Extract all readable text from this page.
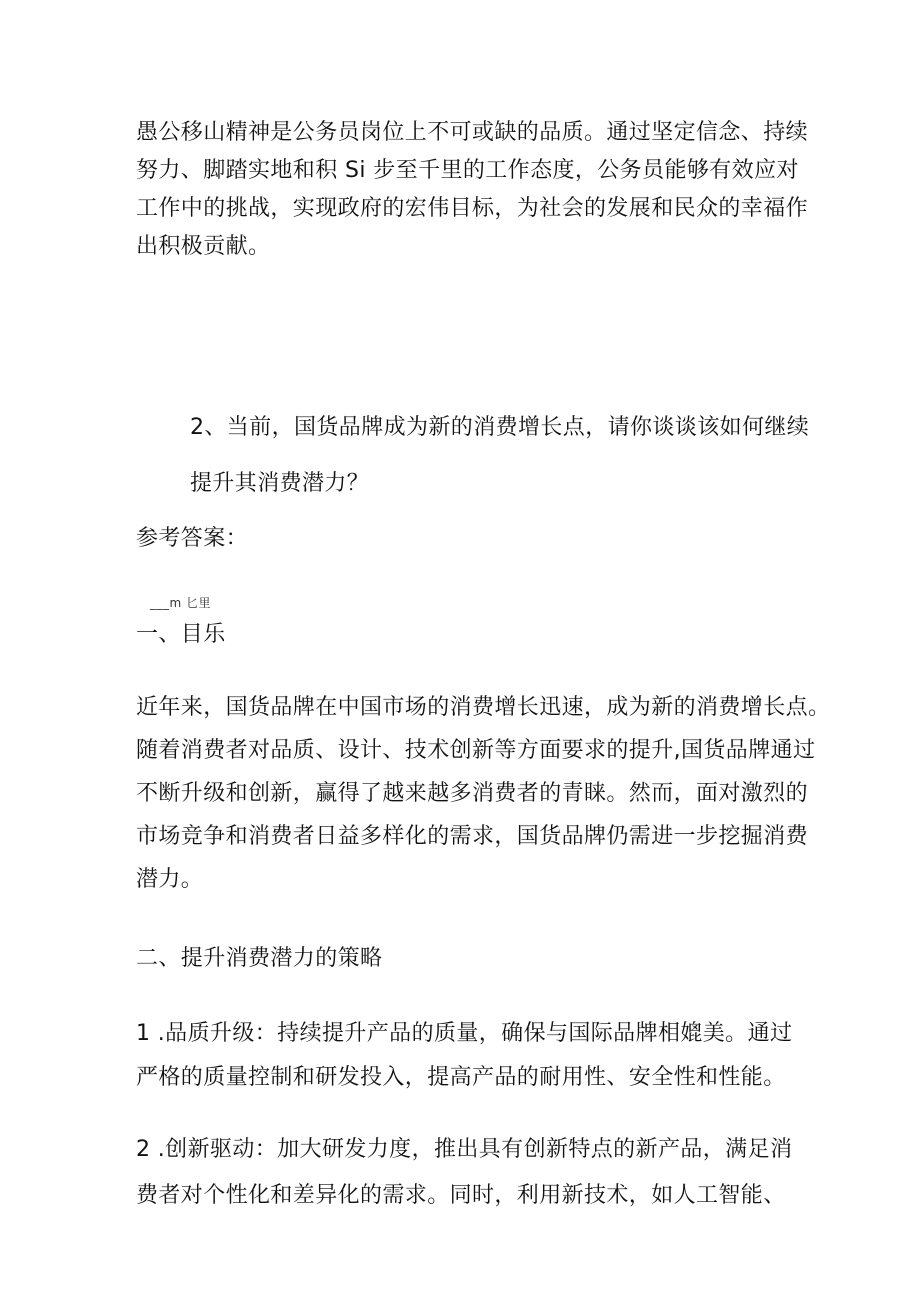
愚公移山精神是公务员岗位上不可或缺的品质。通过坚定信念、持续
努力、脚踏实地和积 Si 步至千里的工作态度，公务员能够有效应对
工作中的挑战，实现政府的宏伟目标，为社会的发展和民众的幸福作
出积极贡献。

2、当前，国货品牌成为新的消费增长点，请你谈谈该如何继续
提升其消费潜力？

参考答案：

___m 匕里

一、目乐

近年来，国货品牌在中国市场的消费增长迅速，成为新的消费增长点。
随着消费者对品质、设计、技术创新等方面要求的提升,国货品牌通过
不断升级和创新，赢得了越来越多消费者的青睐。然而，面对激烈的
市场竞争和消费者日益多样化的需求，国货品牌仍需进一步挖掘消费
潜力。

二、提升消费潜力的策略

1 .品质升级：持续提升产品的质量，确保与国际品牌相媲美。通过
严格的质量控制和研发投入，提高产品的耐用性、安全性和性能。

2 .创新驱动：加大研发力度，推出具有创新特点的新产品，满足消
费者对个性化和差异化的需求。同时，利用新技术，如人工智能、
